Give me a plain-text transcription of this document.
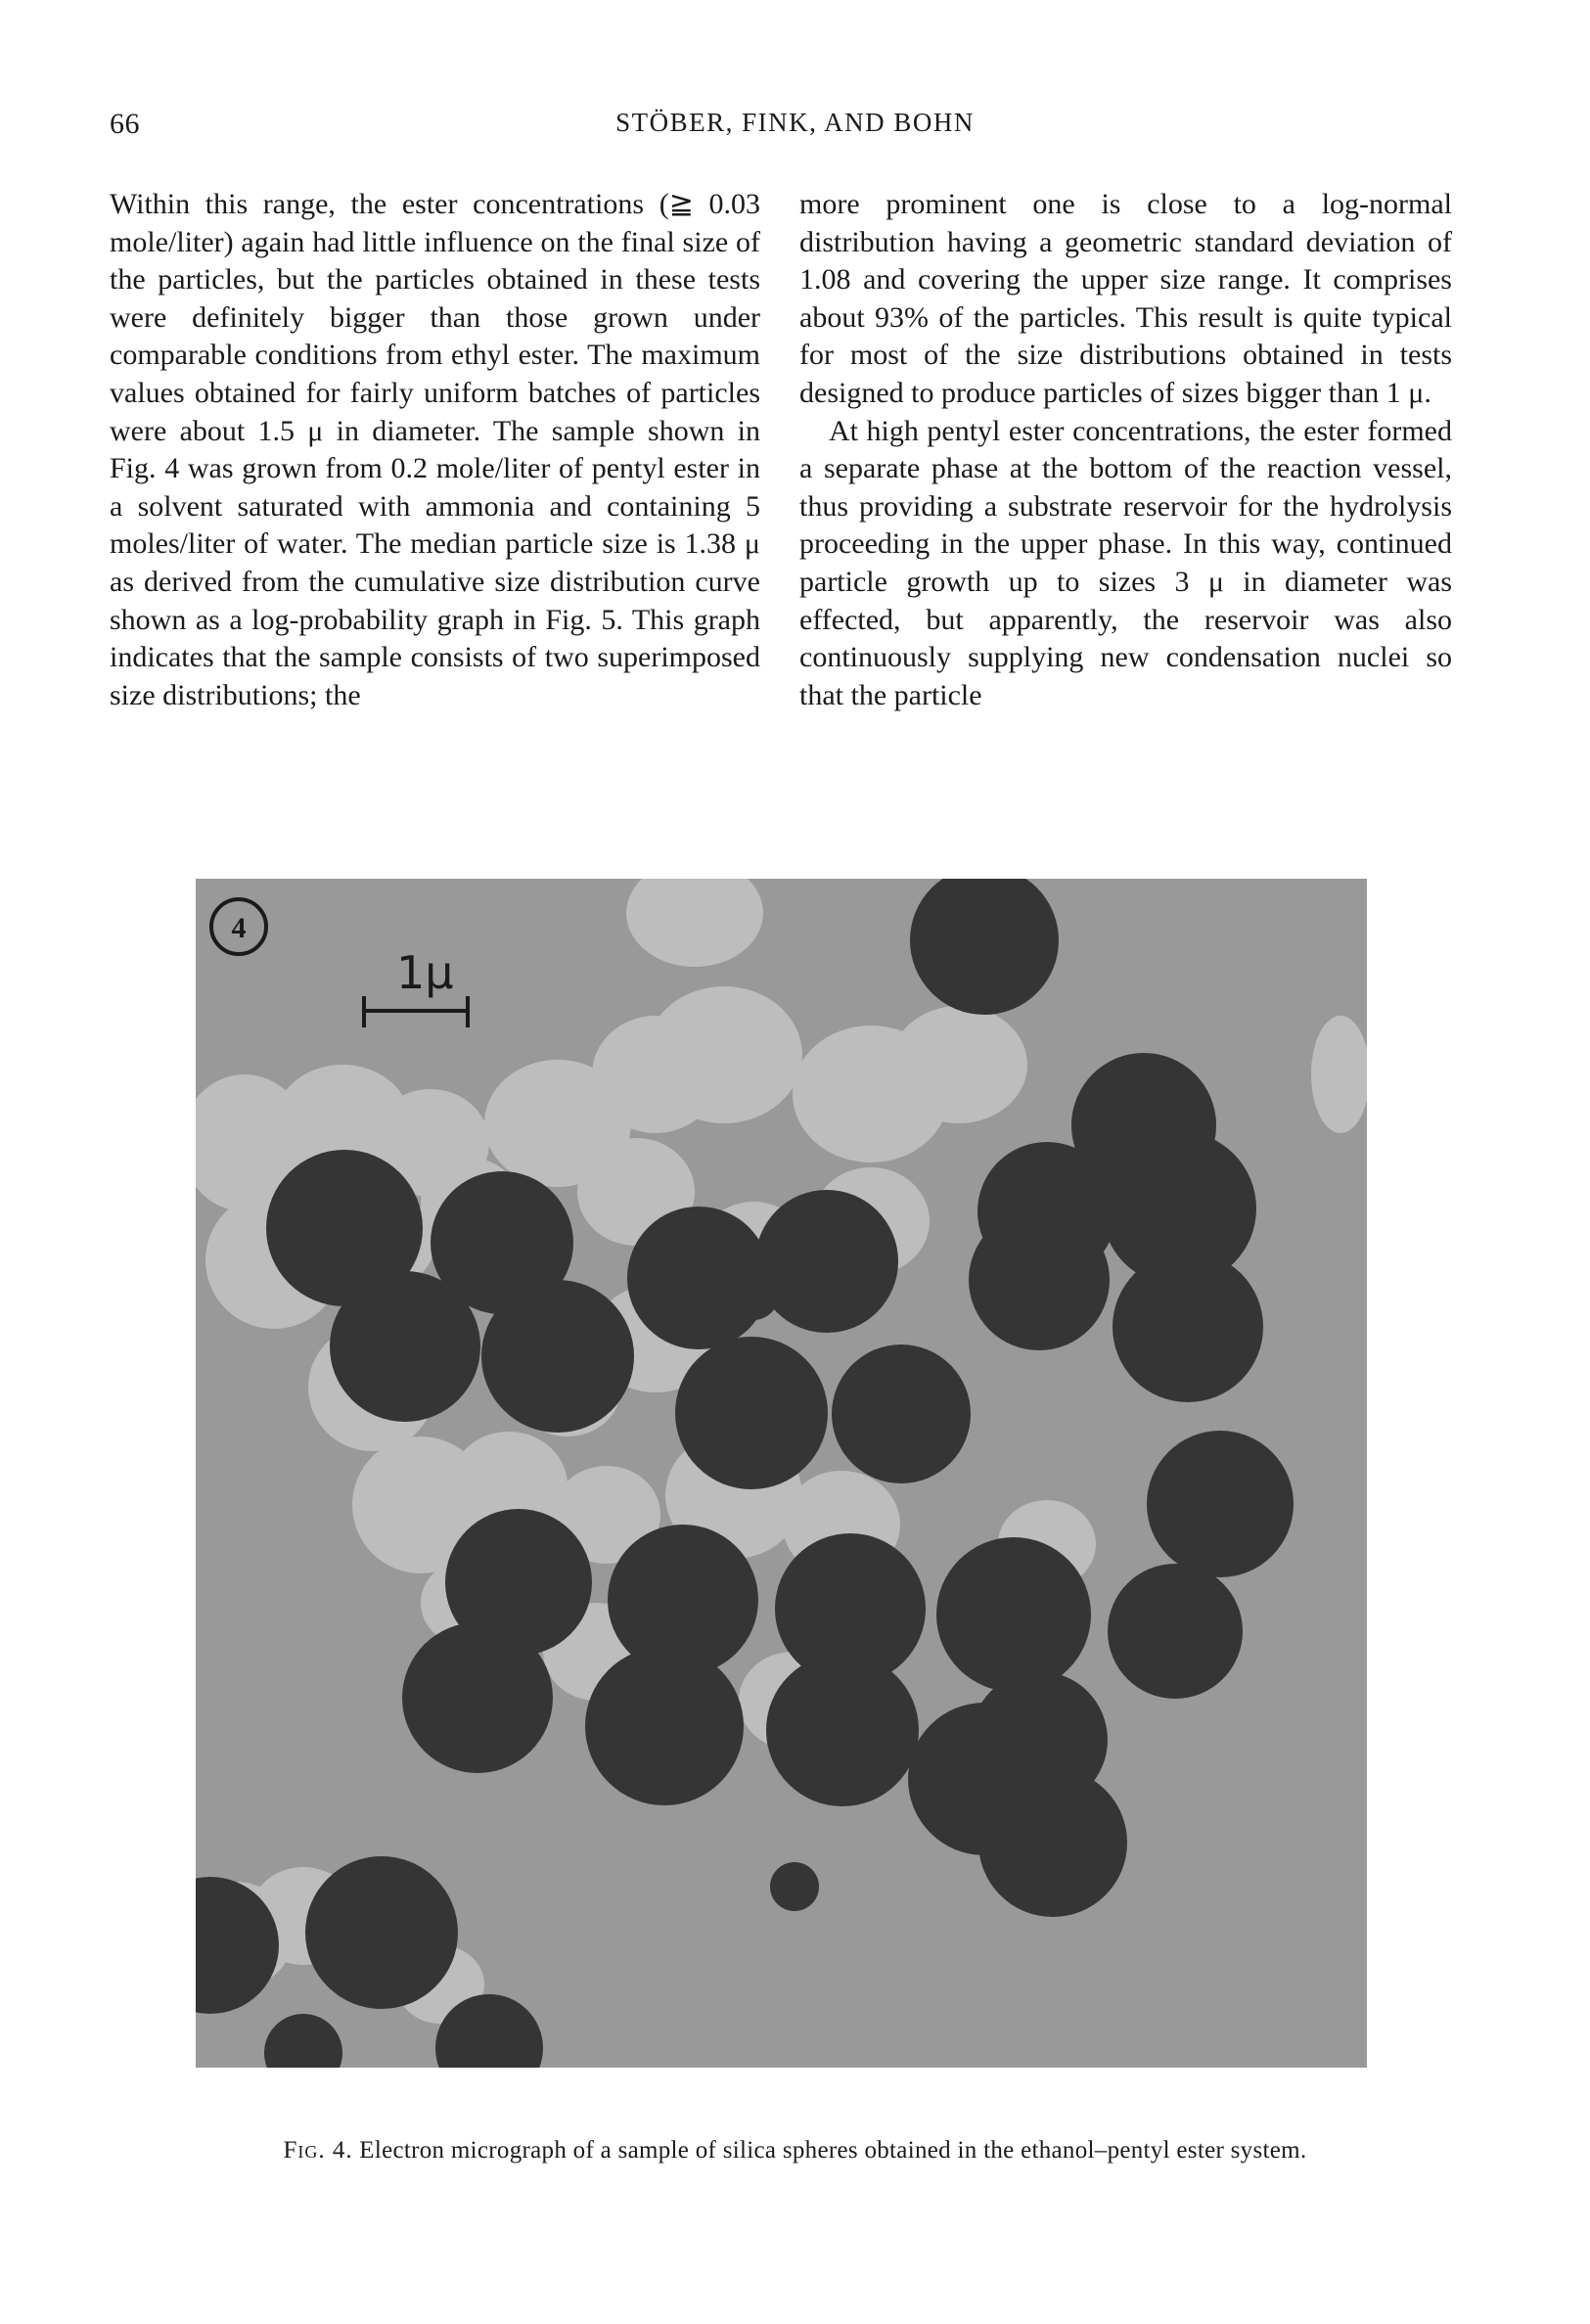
66	STÖBER, FINK, AND BOHN

Within this range, the ester concentrations (≧ 0.03 mole/liter) again had little influence on the final size of the particles, but the particles obtained in these tests were definitely bigger than those grown under comparable conditions from ethyl ester. The maximum values obtained for fairly uniform batches of particles were about 1.5 μ in diameter. The sample shown in Fig. 4 was grown from 0.2 mole/liter of pentyl ester in a solvent saturated with ammonia and containing 5 moles/liter of water. The median particle size is 1.38 μ as derived from the cumulative size distribution curve shown as a log-probability graph in Fig. 5. This graph indicates that the sample consists of two superimposed size distributions; the

more prominent one is close to a log-normal distribution having a geometric standard deviation of 1.08 and covering the upper size range. It comprises about 93% of the particles. This result is quite typical for most of the size distributions obtained in tests designed to produce particles of sizes bigger than 1 μ.

At high pentyl ester concentrations, the ester formed a separate phase at the bottom of the reaction vessel, thus providing a substrate reservoir for the hydrolysis proceeding in the upper phase. In this way, continued particle growth up to sizes 3 μ in diameter was effected, but apparently, the reservoir was also continuously supplying new condensation nuclei so that the particle

4
1μ
Fig. 4. Electron micrograph of a sample of silica spheres obtained in the ethanol–pentyl ester system.
